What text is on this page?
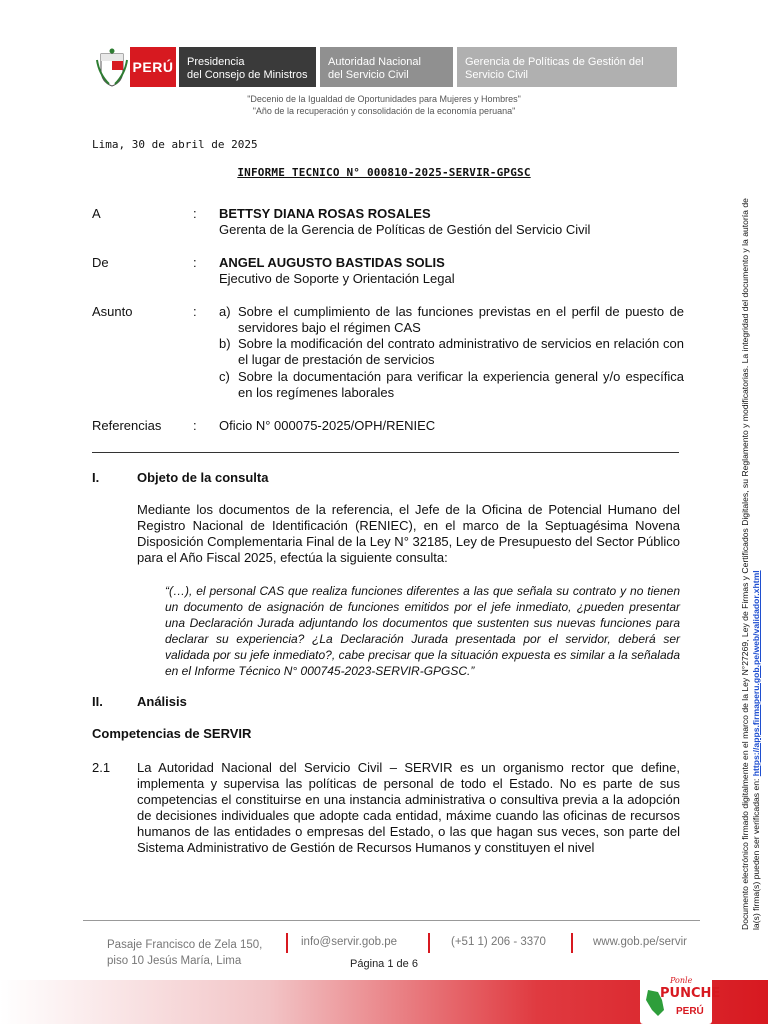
PERÚ Presidencia
del Consejo de Ministros
Autoridad Nacional
del Servicio Civil
Gerencia de Políticas de Gestión del
Servicio Civil
"Decenio de la Igualdad de Oportunidades para Mujeres y Hombres"
"Año de la recuperación y consolidación de la economía peruana"
Lima, 30 de abril de 2025
INFORME TECNICO N° 000810-2025-SERVIR-GPGSC
A	: BETTSY DIANA ROSAS ROSALES
Gerenta de la Gerencia de Políticas de Gestión del Servicio Civil
De	: ANGEL AUGUSTO BASTIDAS SOLIS
Ejecutivo de Soporte y Orientación Legal
Asunto	: a) Sobre el cumplimiento de las funciones previstas en el perfil de puesto de servidores bajo el régimen CAS
b) Sobre la modificación del contrato administrativo de servicios en relación con el lugar de prestación de servicios
c) Sobre la documentación para verificar la experiencia general y/o específica en los regímenes laborales
Referencias : Oficio N° 000075-2025/OPH/RENIEC
I.	Objeto de la consulta
Mediante los documentos de la referencia, el Jefe de la Oficina de Potencial Humano del Registro Nacional de Identificación (RENIEC), en el marco de la Septuagésima Novena Disposición Complementaria Final de la Ley N° 32185, Ley de Presupuesto del Sector Público para el Año Fiscal 2025, efectúa la siguiente consulta:
“(…), el personal CAS que realiza funciones diferentes a las que señala su contrato y no tienen un documento de asignación de funciones emitidos por el jefe inmediato, ¿pueden presentar una Declaración Jurada adjuntando los documentos que sustenten sus nuevas funciones para declarar su experiencia? ¿La Declaración Jurada presentada por el servidor, deberá ser validada por su jefe inmediato?, cabe precisar que la situación expuesta es similar a la señalada en el Informe Técnico N° 000745-2023-SERVIR-GPGSC.”
II.	Análisis
Competencias de SERVIR
2.1 La Autoridad Nacional del Servicio Civil – SERVIR es un organismo rector que define, implementa y supervisa las políticas de personal de todo el Estado. No es parte de sus competencias el constituirse en una instancia administrativa o consultiva previa a la adopción de decisiones individuales que adopte cada entidad, máxime cuando las oficinas de recursos humanos de las entidades o empresas del Estado, o las que hagan sus veces, son parte del Sistema Administrativo de Gestión de Recursos Humanos y constituyen el nivel
Pasaje Francisco de Zela 150,
piso 10 Jesús María, Lima
info@servir.gob.pe	(+51 1) 206 - 3370	www.gob.pe/servir
Página 1 de 6
Ponle
PUNCHE
PERÚ
Documento electrónico firmado digitalmente en el marco de la Ley N°27269, Ley de Firmas y Certificados Digitales, su Reglamento y modificatorias. La integridad del documento y la autoría de la(s) firma(s) pueden ser verificadas en: https://apps.firmaperu.gob.pe/web/validador.xhtml
